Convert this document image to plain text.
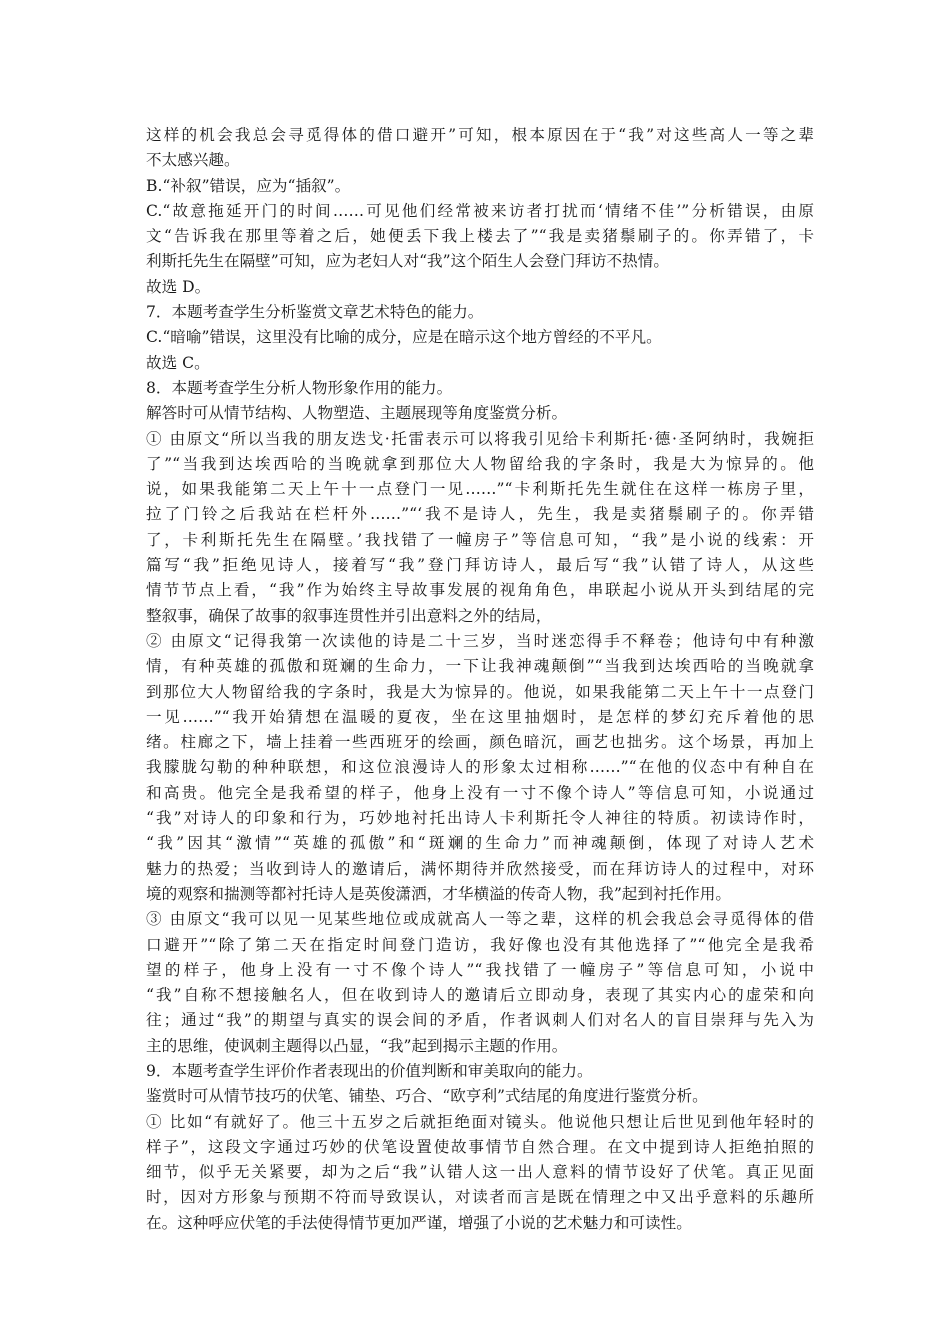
这样的机会我总会寻觅得体的借口避开”可知，根本原因在于“我”对这些高人一等之辈
不太感兴趣。
B.“补叙”错误，应为“插叙”。
C.“故意拖延开门的时间……可见他们经常被来访者打扰而‘情绪不佳’”分析错误，由原
文“告诉我在那里等着之后，她便丢下我上楼去了”“我是卖猪鬃刷子的。你弄错了，卡
利斯托先生在隔壁”可知，应为老妇人对“我”这个陌生人会登门拜访不热情。
故选 D。
7．本题考查学生分析鉴赏文章艺术特色的能力。
C.“暗喻”错误，这里没有比喻的成分，应是在暗示这个地方曾经的不平凡。
故选 C。
8．本题考查学生分析人物形象作用的能力。
解答时可从情节结构、人物塑造、主题展现等角度鉴赏分析。
① 由原文“所以当我的朋友迭戈·托雷表示可以将我引见给卡利斯托·德·圣阿纳时，我婉拒
了”“当我到达埃西哈的当晚就拿到那位大人物留给我的字条时，我是大为惊异的。他
说，如果我能第二天上午十一点登门一见……”“卡利斯托先生就住在这样一栋房子里，
拉了门铃之后我站在栏杆外……”“‘我不是诗人，先生，我是卖猪鬃刷子的。你弄错
了，卡利斯托先生在隔壁。’我找错了一幢房子”等信息可知，“我”是小说的线索：开
篇写“我”拒绝见诗人，接着写“我”登门拜访诗人，最后写“我”认错了诗人，从这些
情节节点上看，“我”作为始终主导故事发展的视角角色，串联起小说从开头到结尾的完
整叙事，确保了故事的叙事连贯性并引出意料之外的结局，
② 由原文“记得我第一次读他的诗是二十三岁，当时迷恋得手不释卷；他诗句中有种激
情，有种英雄的孤傲和斑斓的生命力，一下让我神魂颠倒”“当我到达埃西哈的当晚就拿
到那位大人物留给我的字条时，我是大为惊异的。他说，如果我能第二天上午十一点登门
一见……”“我开始猜想在温暖的夏夜，坐在这里抽烟时，是怎样的梦幻充斥着他的思
绪。柱廊之下，墙上挂着一些西班牙的绘画，颜色暗沉，画艺也拙劣。这个场景，再加上
我朦胧勾勒的种种联想，和这位浪漫诗人的形象太过相称……”“在他的仪态中有种自在
和高贵。他完全是我希望的样子，他身上没有一寸不像个诗人”等信息可知，小说通过
“我”对诗人的印象和行为，巧妙地衬托出诗人卡利斯托令人神往的特质。初读诗作时，
“我”因其“激情”“英雄的孤傲”和“斑斓的生命力”而神魂颠倒，体现了对诗人艺术
魅力的热爱；当收到诗人的邀请后，满怀期待并欣然接受，而在拜访诗人的过程中，对环
境的观察和揣测等都衬托诗人是英俊潇洒，才华横溢的传奇人物，我”起到衬托作用。
③ 由原文“我可以见一见某些地位或成就高人一等之辈，这样的机会我总会寻觅得体的借
口避开”“除了第二天在指定时间登门造访，我好像也没有其他选择了”“他完全是我希
望的样子，他身上没有一寸不像个诗人”“我找错了一幢房子”等信息可知，小说中
“我”自称不想接触名人，但在收到诗人的邀请后立即动身，表现了其实内心的虚荣和向
往；通过“我”的期望与真实的误会间的矛盾，作者讽刺人们对名人的盲目崇拜与先入为
主的思维，使讽刺主题得以凸显，“我”起到揭示主题的作用。
9．本题考查学生评价作者表现出的价值判断和审美取向的能力。
鉴赏时可从情节技巧的伏笔、铺垫、巧合、“欧亨利”式结尾的角度进行鉴赏分析。
① 比如“有就好了。他三十五岁之后就拒绝面对镜头。他说他只想让后世见到他年轻时的
样子”，这段文字通过巧妙的伏笔设置使故事情节自然合理。在文中提到诗人拒绝拍照的
细节，似乎无关紧要，却为之后“我”认错人这一出人意料的情节设好了伏笔。真正见面
时，因对方形象与预期不符而导致误认，对读者而言是既在情理之中又出乎意料的乐趣所
在。这种呼应伏笔的手法使得情节更加严谨，增强了小说的艺术魅力和可读性。
